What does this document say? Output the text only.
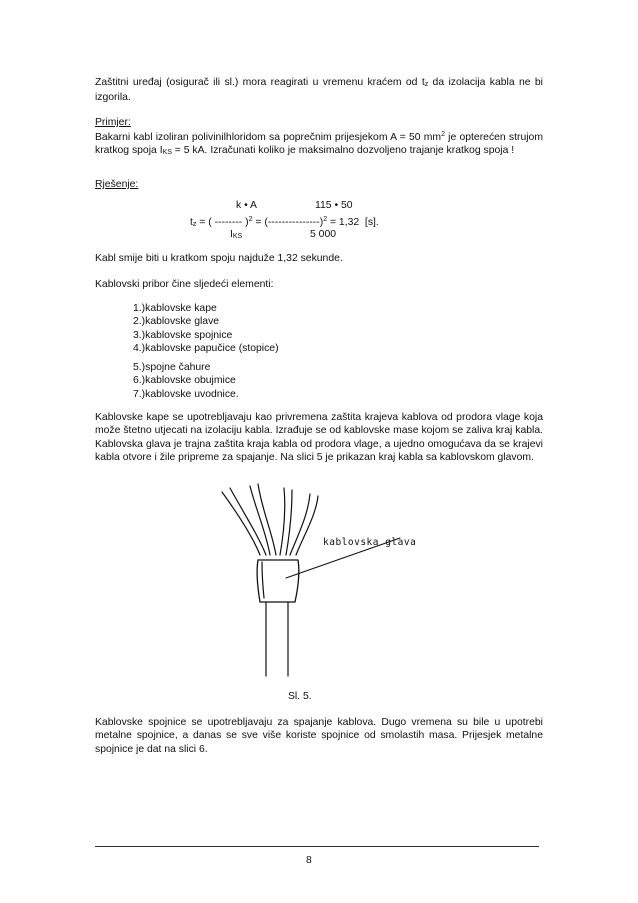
Zaštitni uređaj (osigurač ili sl.) mora reagirati u vremenu kraćem od $t_z$ da izolacija kabla ne bi izgorila.

Primjer:

Bakarni kabl izoliran polivinilhloridom sa poprečnim prijesjekom A = 50 $mm^2$ je opterećen strujom kratkog spoja $I_{KS} = 5$ kA. Izračunati koliko je maksimalno dozvoljeno trajanje kratkog spoja !

Rješenje:

k • A	115 • 50
$t_z$ = ( -------- )$^2 = (---------------)^2 = 1,32$  [s].
$I_{KS}$	5 000

Kabl smije biti u kratkom spoju najduže 1,32 sekunde.

Kablovski pribor čine sljedeći elementi:

1.)kablovske kape
2.)kablovske glave
3.)kablovske spojnice
4.)kablovske papučice (stopice)
5.)spojne čahure
6.)kablovske obujmice
7.)kablovske uvodnice.

Kablovske kape se upotrebljavaju kao privremena zaštita krajeva kablova od prodora vlage koja može štetno utjecati na izolaciju kabla. Izrađuje se od kablovske mase kojom se zaliva kraj kabla. Kablovska glava je trajna zaštita kraja kabla od prodora vlage, a ujedno omogućava da se krajevi kabla otvore i žile pripreme za spajanje. Na slici 5 je prikazan kraj kabla sa kablovskom glavom.

kablovska glava
Sl. 5.

Kablovske spojnice se upotrebljavaju za spajanje kablova. Dugo vremena su bile u upotrebi metalne spojnice, a danas se sve više koriste spojnice od smolastih masa. Prijesjek metalne spojnice je dat na slici 6.

8
